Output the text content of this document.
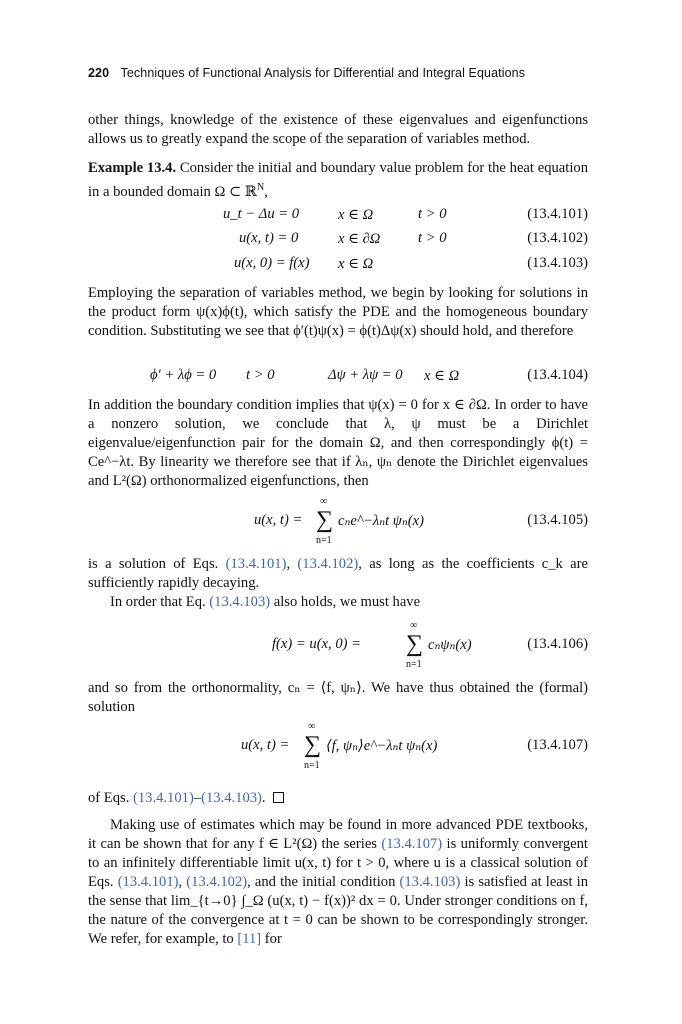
220 Techniques of Functional Analysis for Differential and Integral Equations
other things, knowledge of the existence of these eigenvalues and eigenfunctions allows us to greatly expand the scope of the separation of variables method.
Example 13.4. Consider the initial and boundary value problem for the heat equation in a bounded domain Ω ⊂ ℝ$^N$,
u_t − Δu = 0	x ∈ Ω	t > 0	(13.4.101)
u(x, t) = 0	x ∈ ∂Ω	t > 0	(13.4.102)
u(x, 0) = f(x) x ∈ Ω	(13.4.103)
Employing the separation of variables method, we begin by looking for solutions in the product form ψ(x)ϕ(t), which satisfy the PDE and the homogeneous boundary condition. Substituting we see that ϕ′(t)ψ(x) = ϕ(t)Δψ(x) should hold, and therefore
ϕ′ + λϕ = 0 t > 0	Δψ + λψ = 0 x ∈ Ω	(13.4.104)
In addition the boundary condition implies that ψ(x) = 0 for x ∈ ∂Ω. In order to have a nonzero solution, we conclude that λ, ψ must be a Dirichlet eigenvalue/eigenfunction pair for the domain Ω, and then correspondingly ϕ(t) = Ce^−λt. By linearity we therefore see that if λₙ, ψₙ denote the Dirichlet eigenvalues and L²(Ω) orthonormalized eigenfunctions, then
u(x, t) =
∞
∑
n=1
cₙe^−λₙt ψₙ(x)	(13.4.105)
is a solution of Eqs. (13.4.101), (13.4.102), as long as the coefficients c_k are sufficiently rapidly decaying.
In order that Eq. (13.4.103) also holds, we must have
f(x) = u(x, 0) =
∞
∑
n=1
cₙψₙ(x)	(13.4.106)
and so from the orthonormality, cₙ = ⟨f, ψₙ⟩. We have thus obtained the (formal) solution
u(x, t) =
∞
∑
n=1
⟨f, ψₙ⟩e^−λₙt ψₙ(x)	(13.4.107)
of Eqs. (13.4.101)–(13.4.103).
Making use of estimates which may be found in more advanced PDE textbooks, it can be shown that for any f ∈ L²(Ω) the series (13.4.107) is uniformly convergent to an infinitely differentiable limit u(x, t) for t > 0, where u is a classical solution of Eqs. (13.4.101), (13.4.102), and the initial condition (13.4.103) is satisfied at least in the sense that lim_{t→0} ∫_Ω (u(x, t) − f(x))² dx = 0. Under stronger conditions on f, the nature of the convergence at t = 0 can be shown to be correspondingly stronger. We refer, for example, to [11] for
